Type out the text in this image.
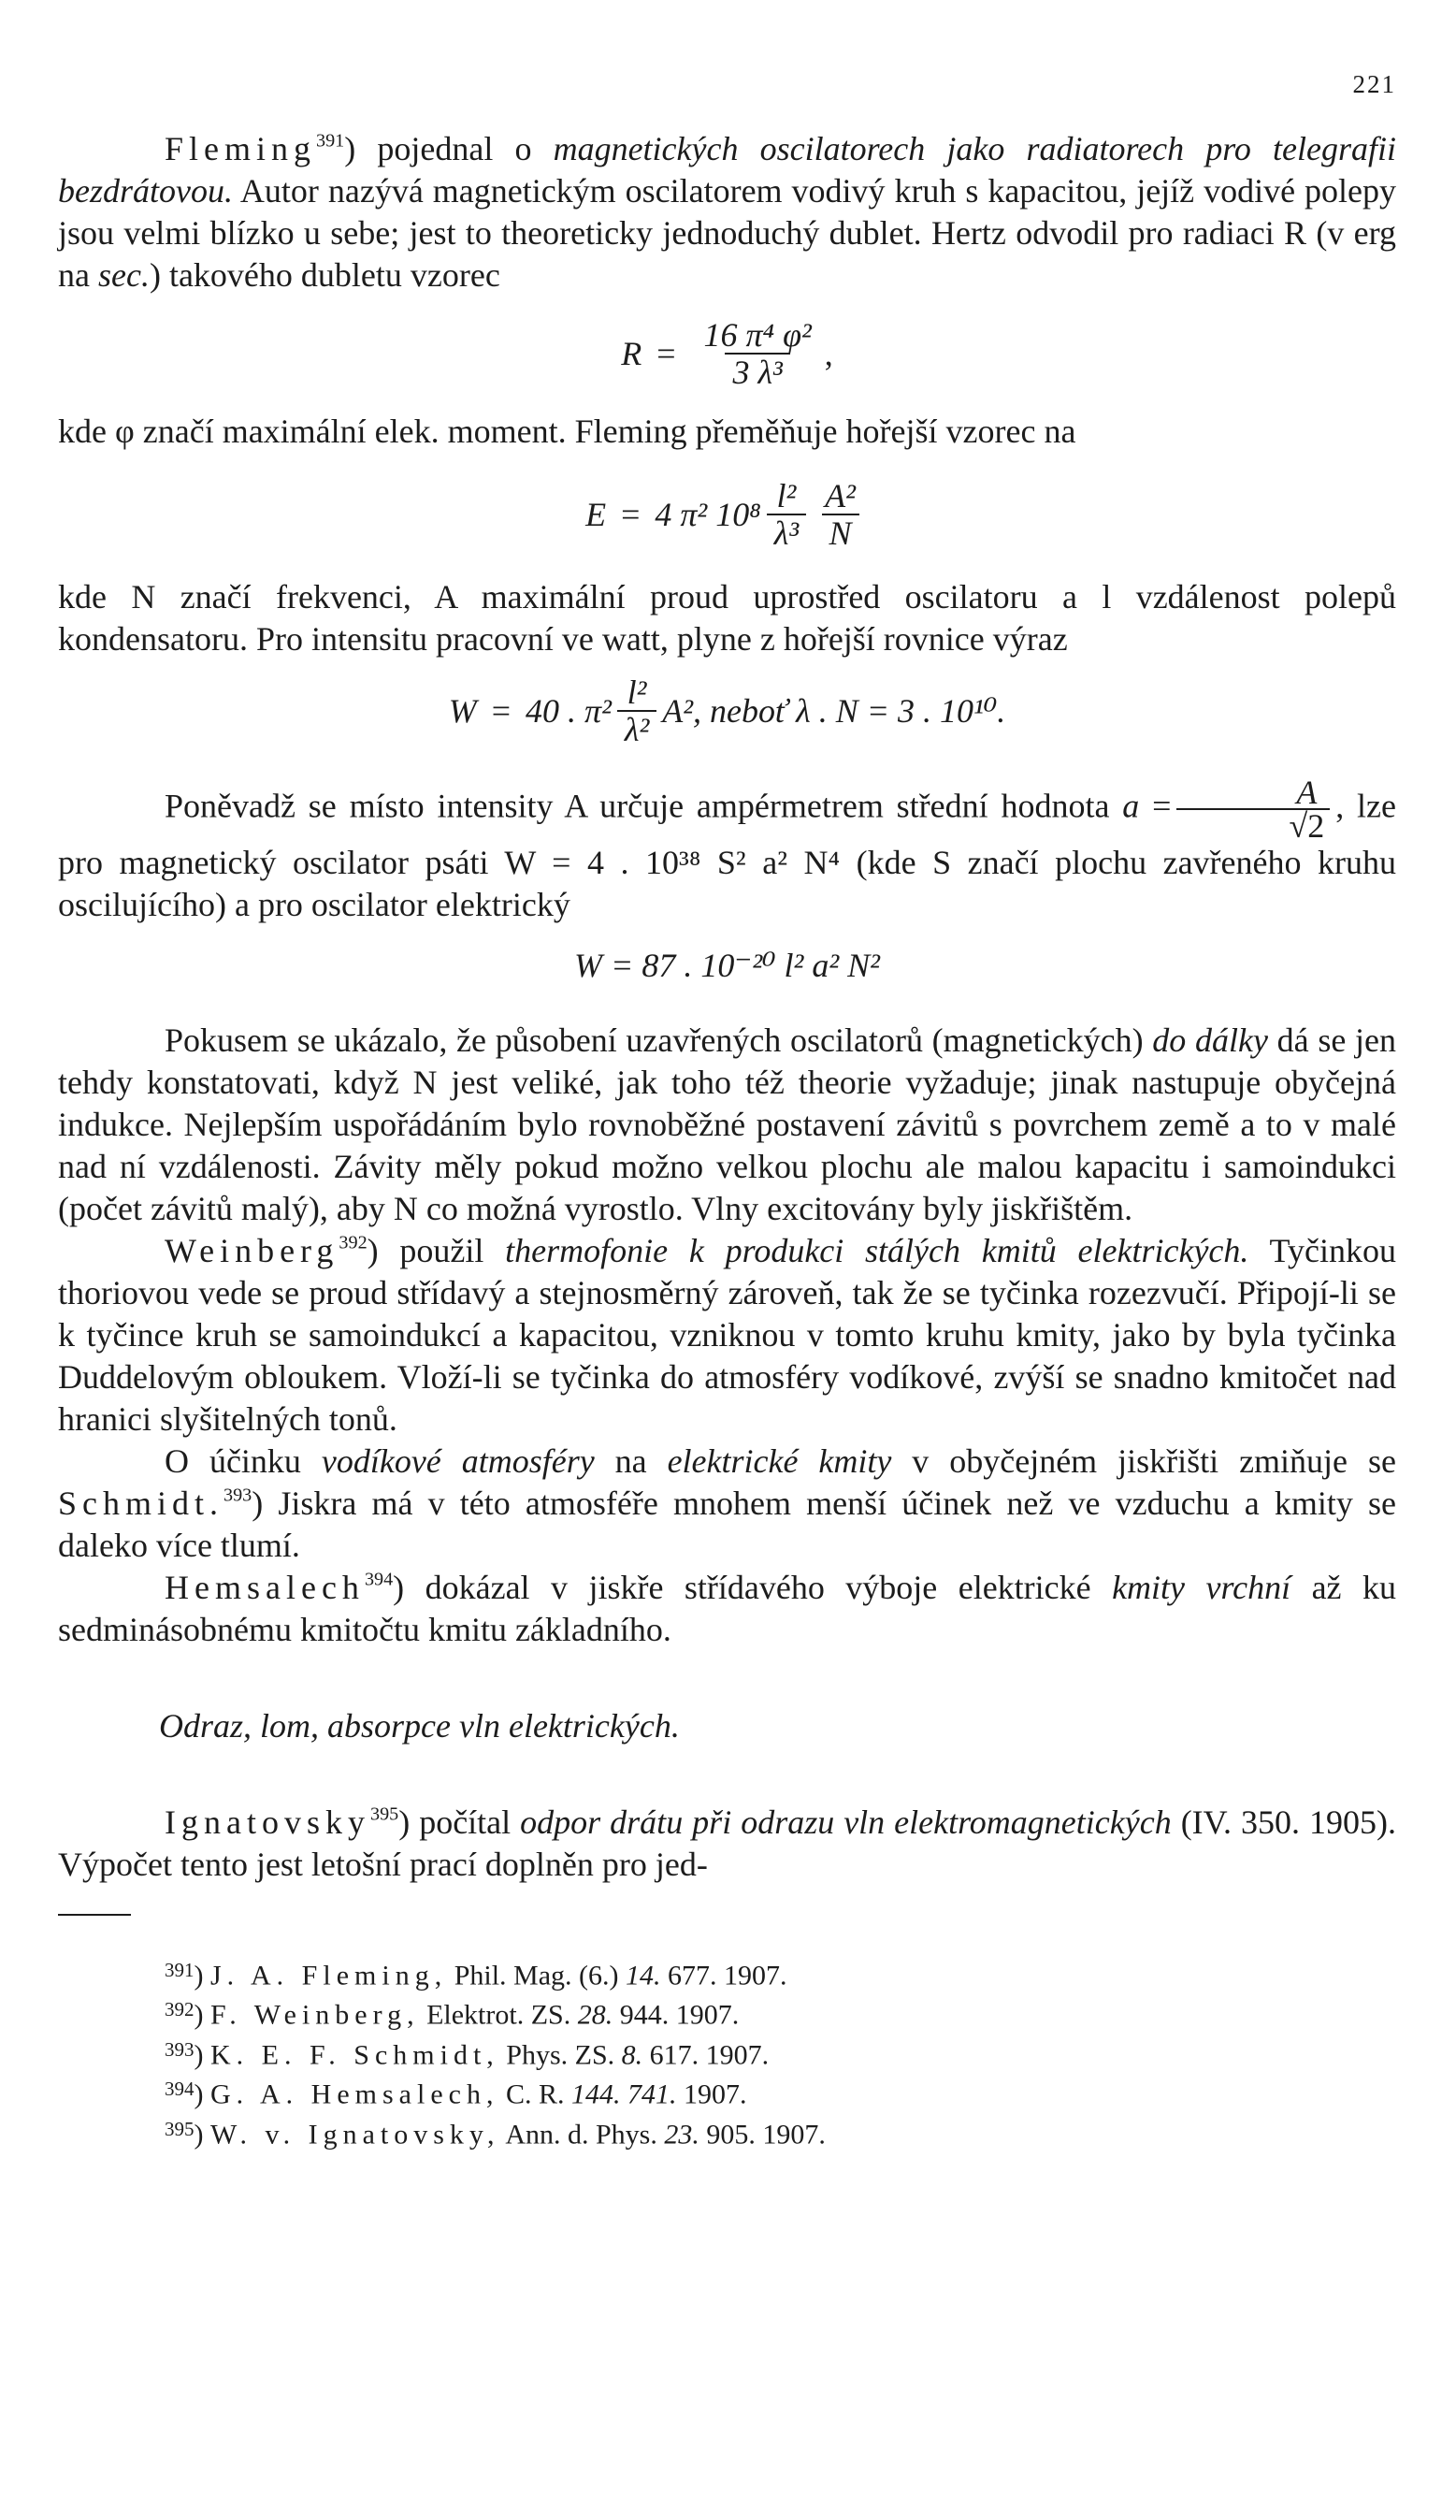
221

Fleming$^{391}$) pojednal o magnetických oscilatorech jako radiatorech pro telegrafii bezdrátovou. Autor nazývá magnetickým oscilatorem vodivý kruh s kapacitou, jejíž vodivé polepy jsou velmi blízko u sebe; jest to theoreticky jednoduchý dublet. Hertz odvodil pro radiaci R (v erg na sec.) takového dubletu vzorec

$R = \frac{\text{16 π⁴ φ²}}{\text{3 λ³}}$ ,

kde φ značí maximální elek. moment. Fleming přeměňuje hořejší vzorec na

E = 4 π² $10^8 \frac{\text{l²}}{\text{λ³}} \frac{\text{A²}}{N}$

kde N značí frekvenci, A maximální proud uprostřed oscilatoru a l vzdálenost polepů kondensatoru. Pro intensitu pracovní ve watt, plyne z hořejší rovnice výraz

W = 40 . $\pi^2 \frac{\text{l²}}{\text{λ²}} A^2$, neboť λ . N = 3 . 10¹⁰.

Poněvadž se místo intensity A určuje ampérmetrem střední hodnota $a = \frac{A}{√2}$ , lze pro magnetický oscilator psáti W = 4 . 10³⁸ S² a² N⁴ (kde S značí plochu zavřeného kruhu oscilujícího) a pro oscilator elektrický

W = 87 . 10⁻²⁰ l² a² N²

Pokusem se ukázalo, že působení uzavřených oscilatorů (magnetických) do dálky dá se jen tehdy konstatovati, když N jest veliké, jak toho též theorie vyžaduje; jinak nastupuje obyčejná indukce. Nejlepším uspořádáním bylo rovnoběžné postavení závitů s povrchem země a to v malé nad ní vzdálenosti. Závity měly pokud možno velkou plochu ale malou kapacitu i samoindukci (počet závitů malý), aby N co možná vyrostlo. Vlny excitovány byly jiskřištěm.

Weinberg$^{392}$) použil thermofonie k produkci stálých kmitů elektrických. Tyčinkou thoriovou vede se proud střídavý a stejnosměrný zároveň, tak že se tyčinka rozezvučí. Připojí-li se k tyčince kruh se samoindukcí a kapacitou, vzniknou v tomto kruhu kmity, jako by byla tyčinka Duddelovým obloukem. Vloží-li se tyčinka do atmosféry vodíkové, zvýší se snadno kmitočet nad hranici slyšitelných tonů.

O účinku vodíkové atmosféry na elektrické kmity v obyčejném jiskřišti zmiňuje se Schmidt.$^{393}$) Jiskra má v této atmosféře mnohem menší účinek než ve vzduchu a kmity se daleko více tlumí.

Hemsalech$^{394}$) dokázal v jiskře střídavého výboje elektrické kmity vrchní až ku sedminásobnému kmitočtu kmitu základního.

Odraz, lom, absorpce vln elektrických.

Ignatovsky$^{395}$) počítal odpor drátu při odrazu vln elektromagnetických (IV. 350. 1905). Výpočet tento jest letošní prací doplněn pro jed-

$^{391}$) J. A. Fleming, Phil. Mag. (6.) 14. 677. 1907.
$^{392}$) F. Weinberg, Elektrot. ZS. 28. 944. 1907.
$^{393}$) K. E. F. Schmidt, Phys. ZS. 8. 617. 1907.
$^{394}$) G. A. Hemsalech, C. R. 144. 741. 1907.
$^{395}$) W. v. Ignatovsky, Ann. d. Phys. 23. 905. 1907.
